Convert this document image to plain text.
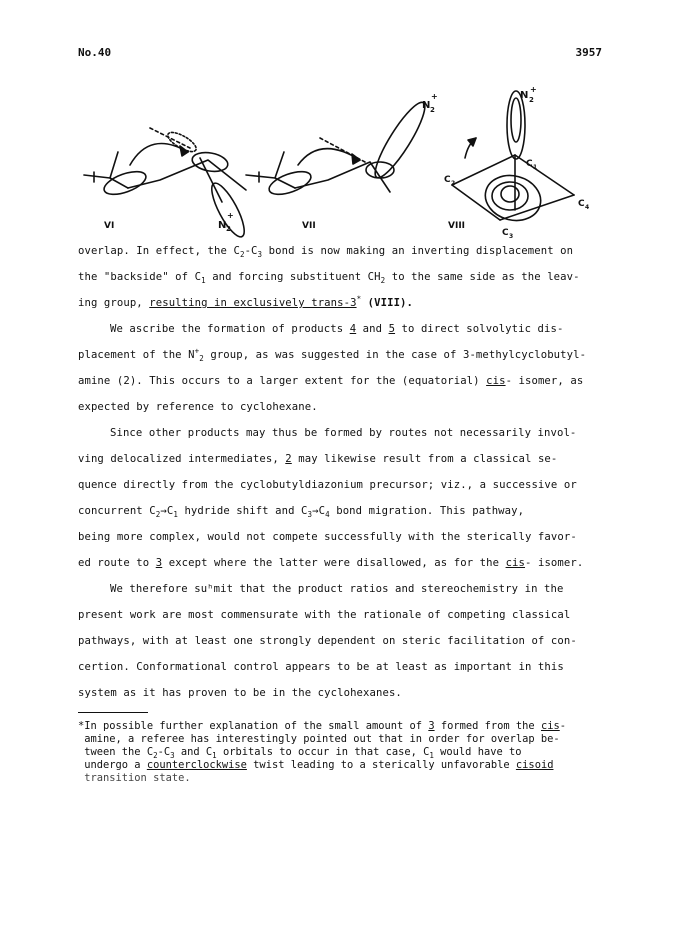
No.40	3957
VI	VII	VIII
N
+
2
N
+
2
N
+
2
C 1
C 2
C 3
C 4
overlap. In effect, the $C_2-C_3$ bond is now making an inverting displacement on
the "backside" of $C_1$ and forcing substituent $CH_2$ to the same side as the leav-
ing group, resulting in exclusively trans-3* (VIII).
We ascribe the formation of products 4 and 5 to direct solvolytic dis-
placement of the $N^+_2$ group, as was suggested in the case of 3-methylcyclobutyl-
amine (2). This occurs to a larger extent for the (equatorial) cis- isomer, as
expected by reference to cyclohexane.
Since other products may thus be formed by routes not necessarily invol-
ving delocalized intermediates, 2 may likewise result from a classical se-
quence directly from the cyclobutyldiazonium precursor; viz., a successive or
concurrent $C_2\to C_1$ hydride shift and $C_3\to C_4$ bond migration. This pathway,
being more complex, would not compete successfully with the sterically favor-
ed route to 3 except where the latter were disallowed, as for the cis- isomer.
We therefore suʰmit that the product ratios and stereochemistry in the
present work are most commensurate with the rationale of competing classical
pathways, with at least one strongly dependent on steric facilitation of con-
certion. Conformational control appears to be at least as important in this
system as it has proven to be in the cyclohexanes.
*In possible further explanation of the small amount of 3 formed from the cis-
amine, a referee has interestingly pointed out that in order for overlap be-
tween the $C_2-C_3$ and $C_1$ orbitals to occur in that case, $C_1$ would have to
undergo a counterclockwise twist leading to a sterically unfavorable cisoid
transition state.
